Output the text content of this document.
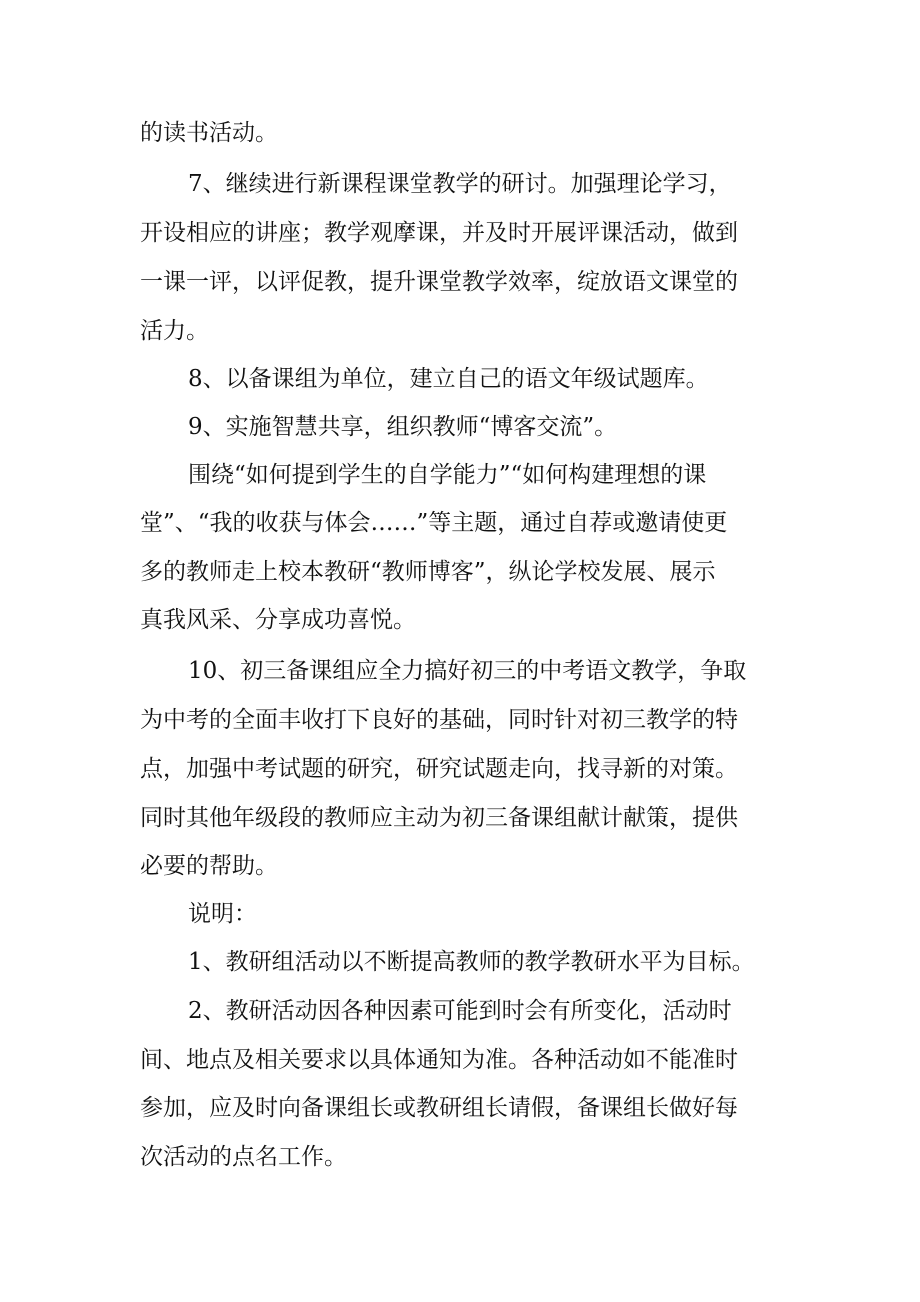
的读书活动。
7、继续进行新课程课堂教学的研讨。加强理论学习，
开设相应的讲座；教学观摩课，并及时开展评课活动，做到
一课一评，以评促教，提升课堂教学效率，绽放语文课堂的
活力。
8、以备课组为单位，建立自己的语文年级试题库。
9、实施智慧共享，组织教师“博客交流”。
围绕“如何提到学生的自学能力”“如何构建理想的课
堂”、“我的收获与体会……”等主题，通过自荐或邀请使更
多的教师走上校本教研“教师博客”，纵论学校发展、展示
真我风采、分享成功喜悦。
10、初三备课组应全力搞好初三的中考语文教学，争取
为中考的全面丰收打下良好的基础，同时针对初三教学的特
点，加强中考试题的研究，研究试题走向，找寻新的对策。
同时其他年级段的教师应主动为初三备课组献计献策，提供
必要的帮助。
说明：
1、教研组活动以不断提高教师的教学教研水平为目标。
2、教研活动因各种因素可能到时会有所变化，活动时
间、地点及相关要求以具体通知为准。各种活动如不能准时
参加，应及时向备课组长或教研组长请假，备课组长做好每
次活动的点名工作。
